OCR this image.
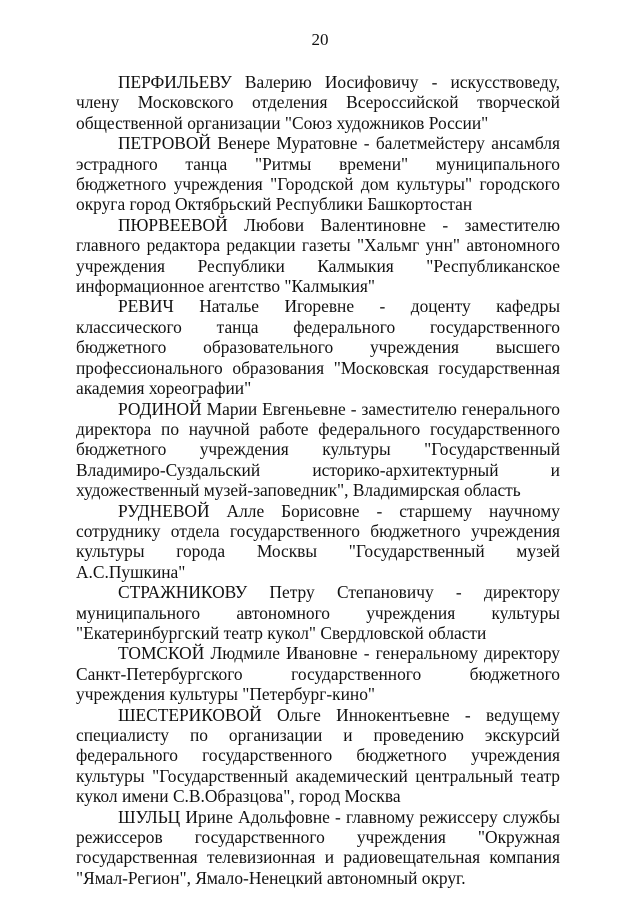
20

ПЕРФИЛЬЕВУ Валерию Иосифовичу - искусствоведу, члену Московского отделения Всероссийской творческой общественной организации "Союз художников России"

ПЕТРОВОЙ Венере Муратовне - балетмейстеру ансамбля эстрадного танца "Ритмы времени" муниципального бюджетного учреждения "Городской дом культуры" городского округа город Октябрьский Республики Башкортостан

ПЮРВЕЕВОЙ Любови Валентиновне - заместителю главного редактора редакции газеты "Хальмг унн" автономного учреждения Республики Калмыкия "Республиканское информационное агентство "Калмыкия"

РЕВИЧ Наталье Игоревне - доценту кафедры классического танца федерального государственного бюджетного образовательного учреждения высшего профессионального образования "Московская государственная академия хореографии"

РОДИНОЙ Марии Евгеньевне - заместителю генерального директора по научной работе федерального государственного бюджетного учреждения культуры "Государственный Владимиро-Суздальский историко-архитектурный и художественный музей-заповедник", Владимирская область

РУДНЕВОЙ Алле Борисовне - старшему научному сотруднику отдела государственного бюджетного учреждения культуры города Москвы "Государственный музей А.С.Пушкина"

СТРАЖНИКОВУ Петру Степановичу - директору муниципального автономного учреждения культуры "Екатеринбургский театр кукол" Свердловской области

ТОМСКОЙ Людмиле Ивановне - генеральному директору Санкт-Петербургского государственного бюджетного учреждения культуры "Петербург-кино"

ШЕСТЕРИКОВОЙ Ольге Иннокентьевне - ведущему специалисту по организации и проведению экскурсий федерального государственного бюджетного учреждения культуры "Государственный академический центральный театр кукол имени С.В.Образцова", город Москва

ШУЛЬЦ Ирине Адольфовне - главному режиссеру службы режиссеров государственного учреждения "Окружная государственная телевизионная и радиовещательная компания "Ямал-Регион", Ямало-Ненецкий автономный округ.
